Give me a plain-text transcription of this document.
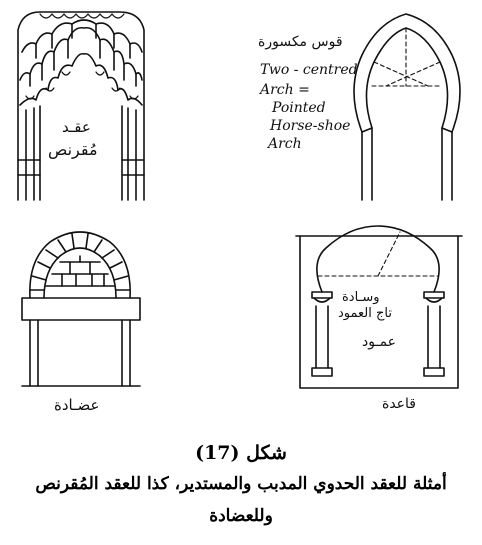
عقـد
مُقرنص
قوس مكسورة
Two - centred
Arch =
Pointed
Horse-shoe
Arch
عضـادة
وسـادة
تاج العمود
عمـود
قاعدة
شكل (17)
أمثلة للعقد الحدوي المدبب والمستدير، كذا للعقد المُقرنص
وللعضادة
